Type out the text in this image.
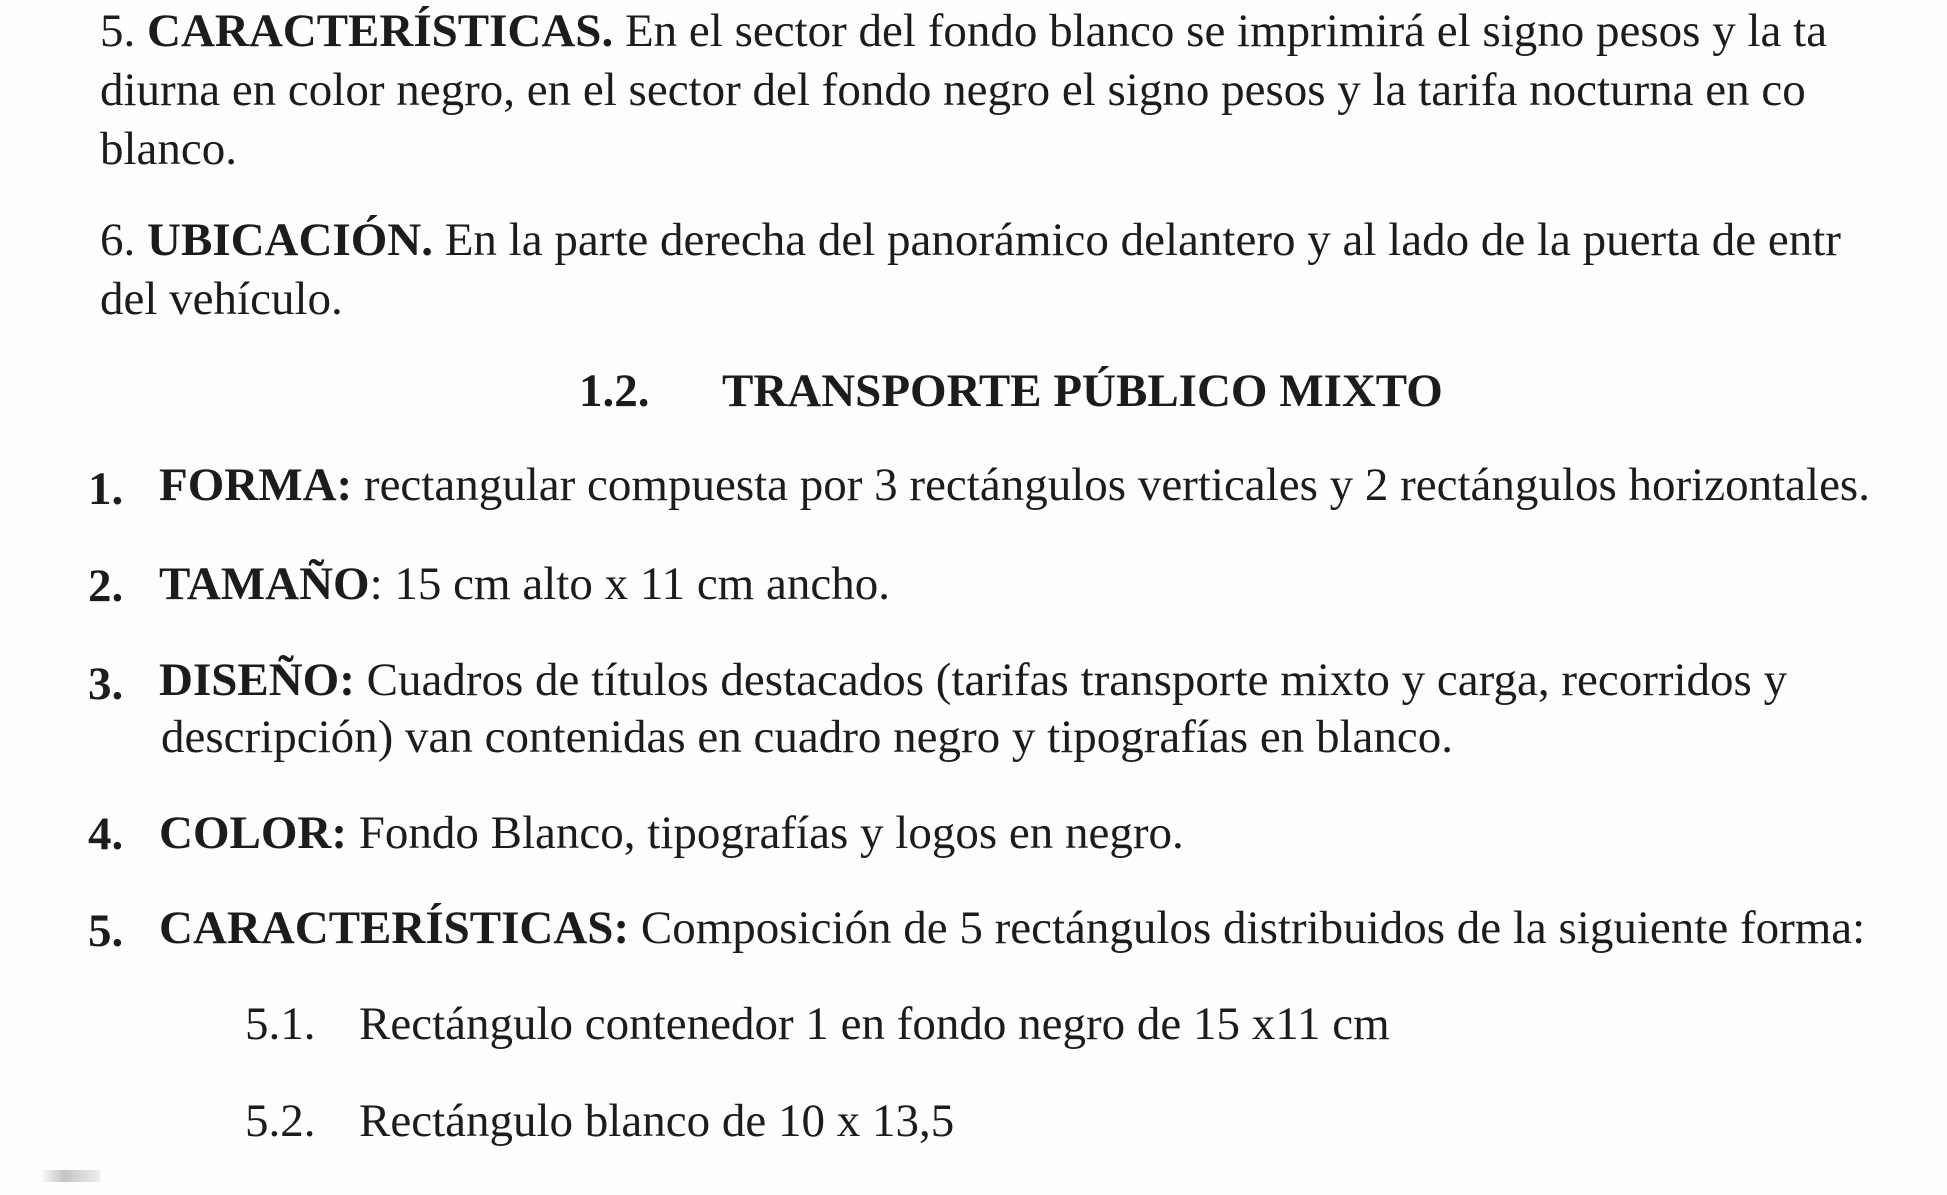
5. CARACTERÍSTICAS. En el sector del fondo blanco se imprimirá el signo pesos y la ta
diurna en color negro, en el sector del fondo negro el signo pesos y la tarifa nocturna en co
blanco.
6. UBICACIÓN. En la parte derecha del panorámico delantero y al lado de la puerta de entr
del vehículo.
1.2. TRANSPORTE PÚBLICO MIXTO
1. FORMA: rectangular compuesta por 3 rectángulos verticales y 2 rectángulos horizontales.
2. TAMAÑO: 15 cm alto x 11 cm ancho.
3. DISEÑO: Cuadros de títulos destacados (tarifas transporte mixto y carga, recorridos y
descripción) van contenidas en cuadro negro y tipografías en blanco.
4. COLOR: Fondo Blanco, tipografías y logos en negro.
5. CARACTERÍSTICAS: Composición de 5 rectángulos distribuidos de la siguiente forma:
5.1. Rectángulo contenedor 1 en fondo negro de 15 x11 cm
5.2. Rectángulo blanco de 10 x 13,5
